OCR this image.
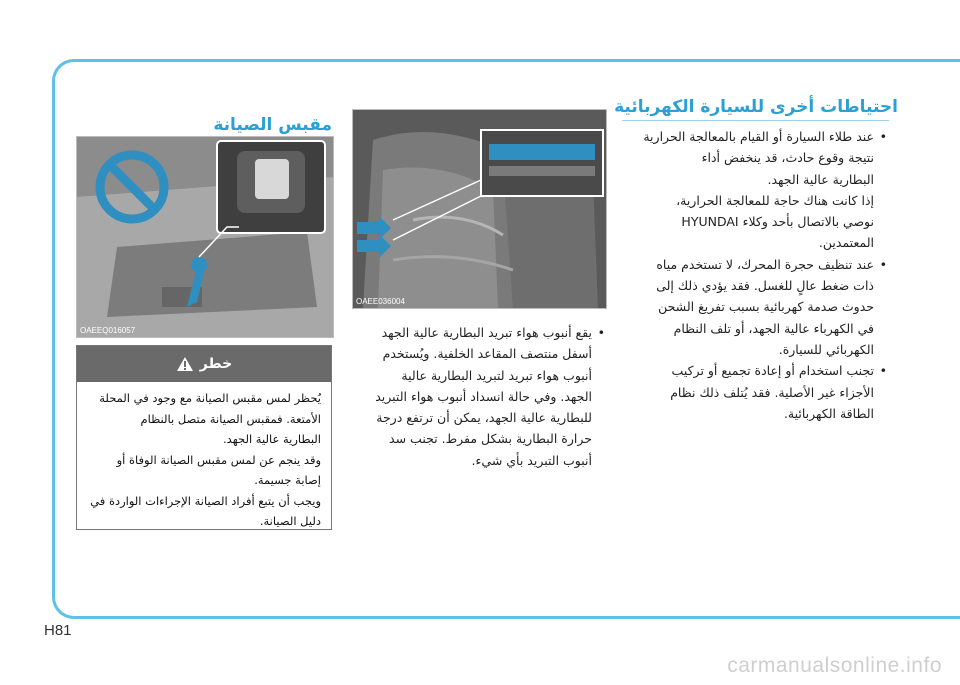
احتياطات أخرى للسيارة الكهربائية

• عند طلاء السيارة أو القيام بالمعالجة الحرارية

نتيجة وقوع حادث، قد ينخفض أداء

البطارية عالية الجهد.

إذا كانت هناك حاجة للمعالجة الحرارية،

نوصي بالاتصال بأحد وكلاء HYUNDAI

المعتمدين.

• عند تنظيف حجرة المحرك، لا تستخدم مياه

ذات ضغط عالٍ للغسل. فقد يؤدي ذلك إلى

حدوث صدمة كهربائية بسبب تفريغ الشحن

في الكهرباء عالية الجهد، أو تلف النظام

الكهربائي للسيارة.

• تجنب استخدام أو إعادة تجميع أو تركيب

الأجزاء غير الأصلية. فقد يُتلف ذلك نظام

الطاقة الكهربائية.

OAEE036004

• يقع أنبوب هواء تبريد البطارية عالية الجهد

أسفل منتصف المقاعد الخلفية. ويُستخدم

أنبوب هواء تبريد لتبريد البطارية عالية

الجهد. وفي حالة انسداد أنبوب هواء التبريد

للبطارية عالية الجهد، يمكن أن ترتفع درجة

حرارة البطارية بشكل مفرط. تجنب سد

أنبوب التبريد بأي شيء.

مقبس الصيانة
OAEEQ016057
خطر

يُحظر لمس مقبس الصيانة مع وجود في المحلة

الأمتعة. فمقبس الصيانة متصل بالنظام

البطارية عالية الجهد.

وقد ينجم عن لمس مقبس الصيانة الوفاة أو

إصابة جسيمة.

ويجب أن يتبع أفراد الصيانة الإجراءات الواردة في

دليل الصيانة.

H81
carmanualsonline.info
